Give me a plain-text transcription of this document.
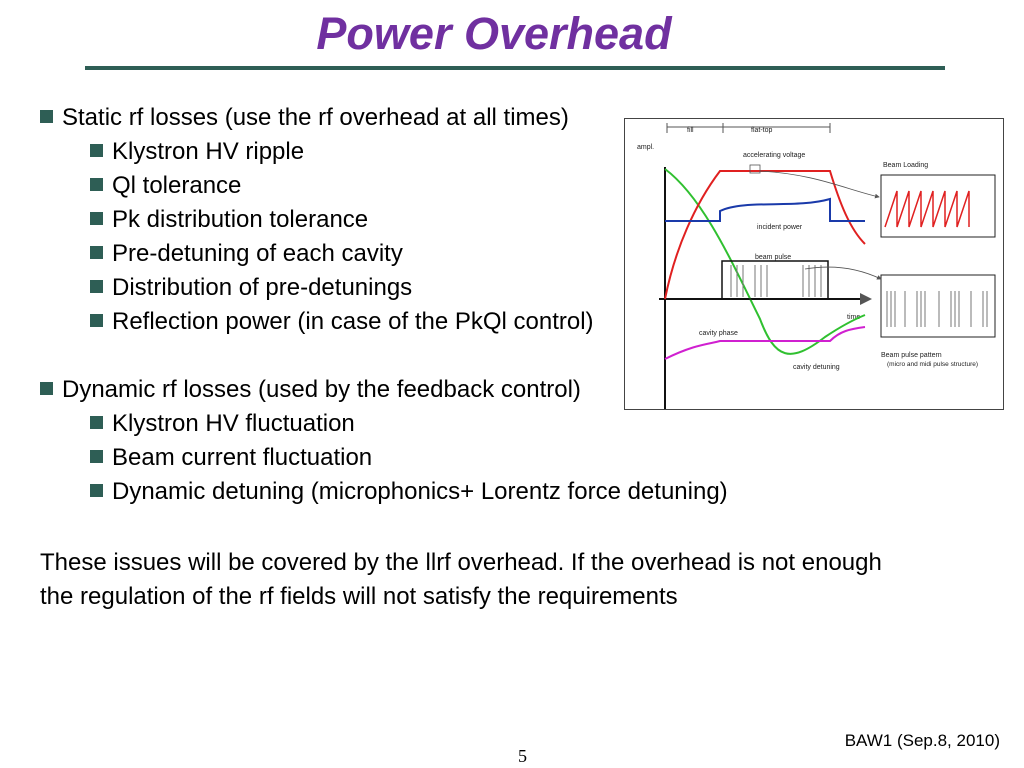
Power Overhead
Static rf losses (use the rf overhead at all times)
Klystron HV ripple
Ql tolerance
Pk distribution tolerance
Pre-detuning of each cavity
Distribution of pre-detunings
Reflection power (in case of the PkQl control)
Dynamic rf losses (used by the feedback control)
Klystron HV fluctuation
Beam current fluctuation
Dynamic detuning (microphonics+ Lorentz force detuning)
These issues will be covered by the llrf overhead. If the overhead is not enough the regulation of the rf fields will not satisfy the requirements
fill	flat-top
ampl.
time
accelerating voltage
incident power
beam pulse
cavity phase
cavity detuning
Beam Loading
Beam pulse pattern
(micro and midi pulse structure)
BAW1 (Sep.8, 2010)
5
